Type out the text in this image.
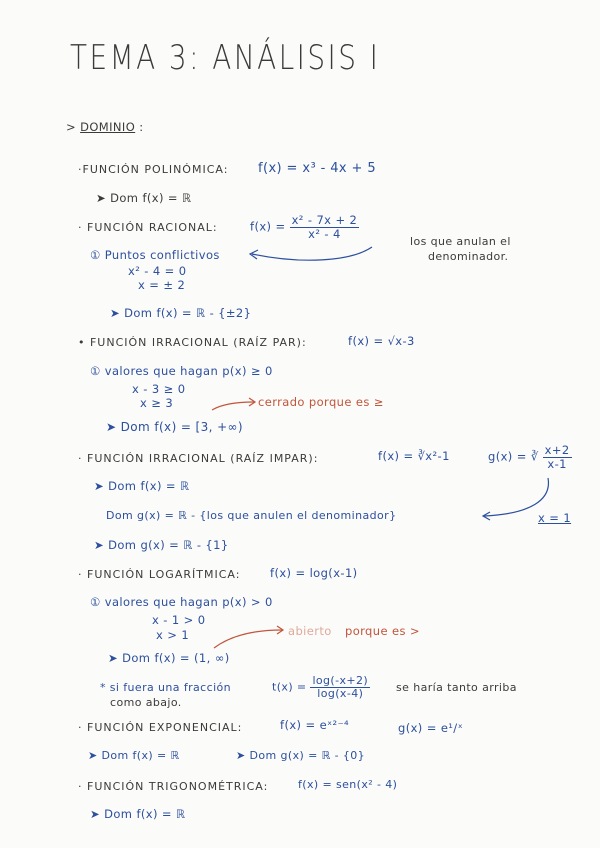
TEMA 3: ANÁLISIS I
> DOMINIO :
·FUNCIÓN POLINÓMICA: f(x) = x³ - 4x + 5
➤ Dom f(x) = ℝ
· FUNCIÓN RACIONAL:	$f(x) = \frac{\text{x² - 7x + 2}}{\text{x² - 4}}$
los que anulan el
denominador.
① Puntos conflictivos
x² - 4 = 0
x = ± 2
➤ Dom f(x) = ℝ - {±2}
• FUNCIÓN IRRACIONAL (RAÍZ PAR):	f(x) = √x-3
① valores que hagan p(x) ≥ 0
x - 3 ≥ 0
x ≥ 3	cerrado porque es ≥
➤ Dom f(x) = [3, +∞)
· FUNCIÓN IRRACIONAL (RAÍZ IMPAR):	f(x) = ∛x²-1	g(x) = ∛ $\frac{x+2}{x-1}$
➤ Dom f(x) = ℝ
Dom g(x) = ℝ - {los que anulen el denominador}	x = 1
➤ Dom g(x) = ℝ - {1}
· FUNCIÓN LOGARÍTMICA:	f(x) = log(x-1)
① valores que hagan p(x) > 0
x - 1 > 0
x > 1	abierto porque es >
➤ Dom f(x) = (1, ∞)
* si fuera una fracción	$t(x) = \frac{\log(-x+2)}{\log(x-4)}$ se haría tanto arriba
como abajo.
· FUNCIÓN EXPONENCIAL:	f(x) = eˣ²⁻⁴	g(x) = e¹/ˣ
➤ Dom f(x) = ℝ	➤ Dom g(x) = ℝ - {0}
· FUNCIÓN TRIGONOMÉTRICA:	f(x) = sen(x² - 4)
➤ Dom f(x) = ℝ
